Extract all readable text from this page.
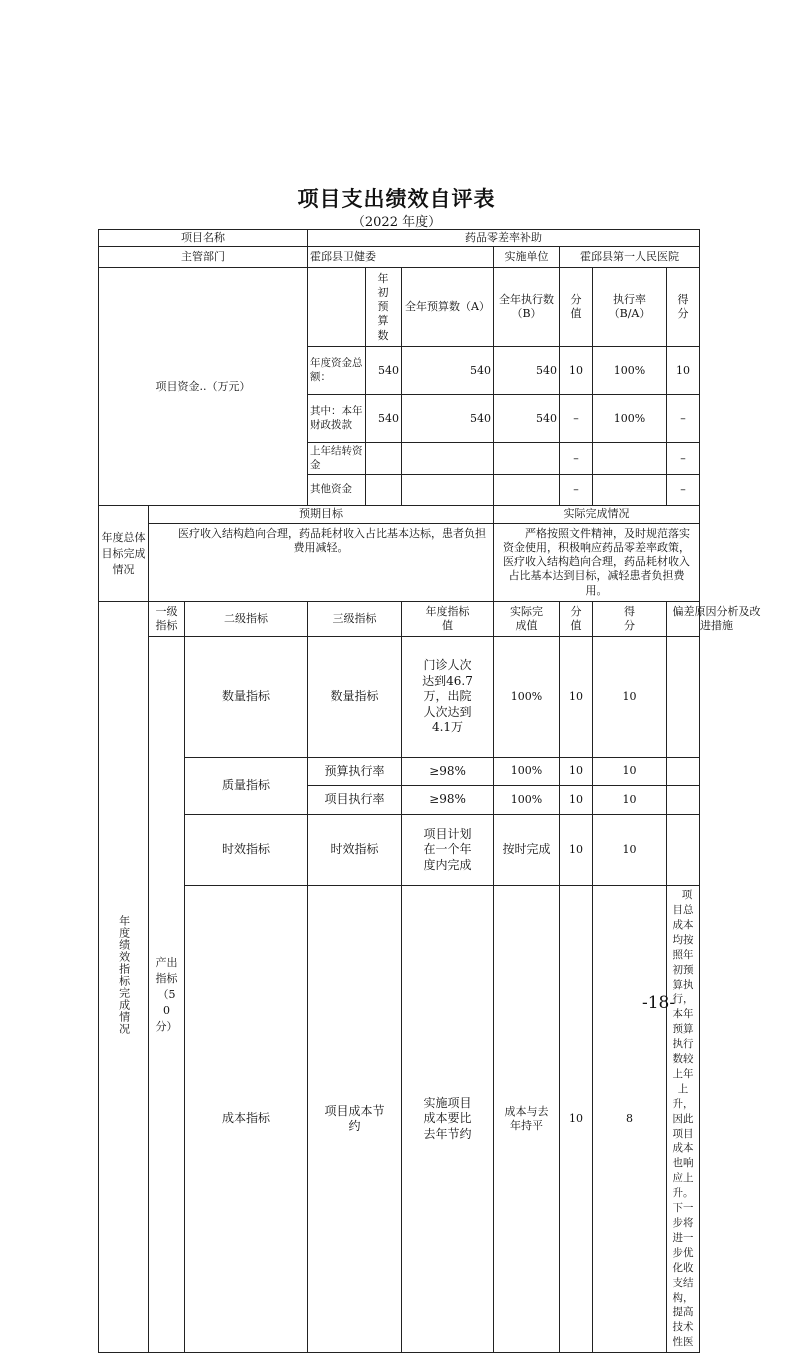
项目支出绩效自评表
（2022 年度）
项目名称			药品零差率补助						
主管部门			霍邱县卫健委			实施单位	霍邱县第一人民医院		
项目资金..（万元）				年初预算数	全年预算数（A）	全年执行数（B）	分值	执行率（B/A）	得分
			年度资金总额：	540	540	540	10	100%	10
			其中：本年财政拨款	540	540	540	–	100%	–
			上年结转资金				–		–
			其他资金				–		–
年度总体目标完成情况	预期目标					实际完成情况			
	医疗收入结构趋向合理，药品耗材收入占比基本达标，患者负担费用减轻。					严格按照文件精神，及时规范落实资金使用，积极响应药品零差率政策，医疗收入结构趋向合理，药品耗材收入占比基本达到目标，减轻患者负担费用。			
年度绩效指标完成情况	一级指标	二级指标	三级指标		年度指标值	实际完成值	分值	得分	偏差原因分析及改进措施
	产出指标（50分）	数量指标	数量指标		门诊人次达到46.7万，出院人次达到4.1万	100%	10	10	
		质量指标	预算执行率		≥98%	100%	10	10	
			项目执行率		≥98%	100%	10	10	
		时效指标	时效指标		项目计划在一个年度内完成	按时完成	10	10	
		成本指标	项目成本节约		实施项目成本要比去年节约	成本与去年持平	10	8	项目总成本均按照年初预算执行，本年预算执行数较上年上升，因此项目成本也响应上升。下一步将进一步优化收支结构，提高技术性医
-18-
